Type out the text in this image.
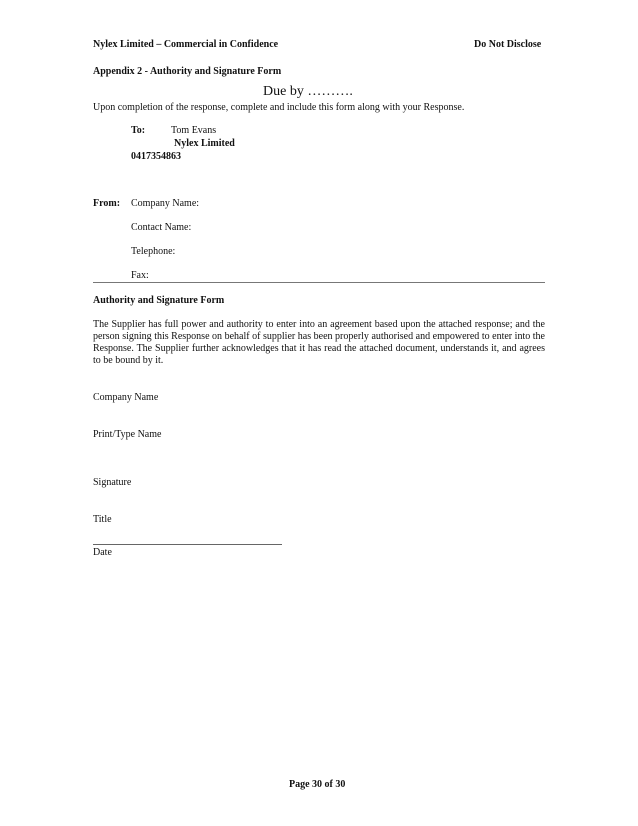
Nylex Limited – Commercial in Confidence	Do Not Disclose
Appendix 2 - Authority and Signature Form
Due by ……….
Upon completion of the response, complete and include this form along with your Response.
To:	Tom Evans
Nylex Limited
0417354863
From: Company Name:
Contact Name:
Telephone:
Fax:
Authority and Signature Form
The Supplier has full power and authority to enter into an agreement based upon the attached response; and the person signing this Response on behalf of supplier has been properly authorised and empowered to enter into the Response. The Supplier further acknowledges that it has read the attached document, understands it, and agrees to be bound by it.
Company Name
Print/Type Name
Signature
Title
Date
Page 30 of 30
